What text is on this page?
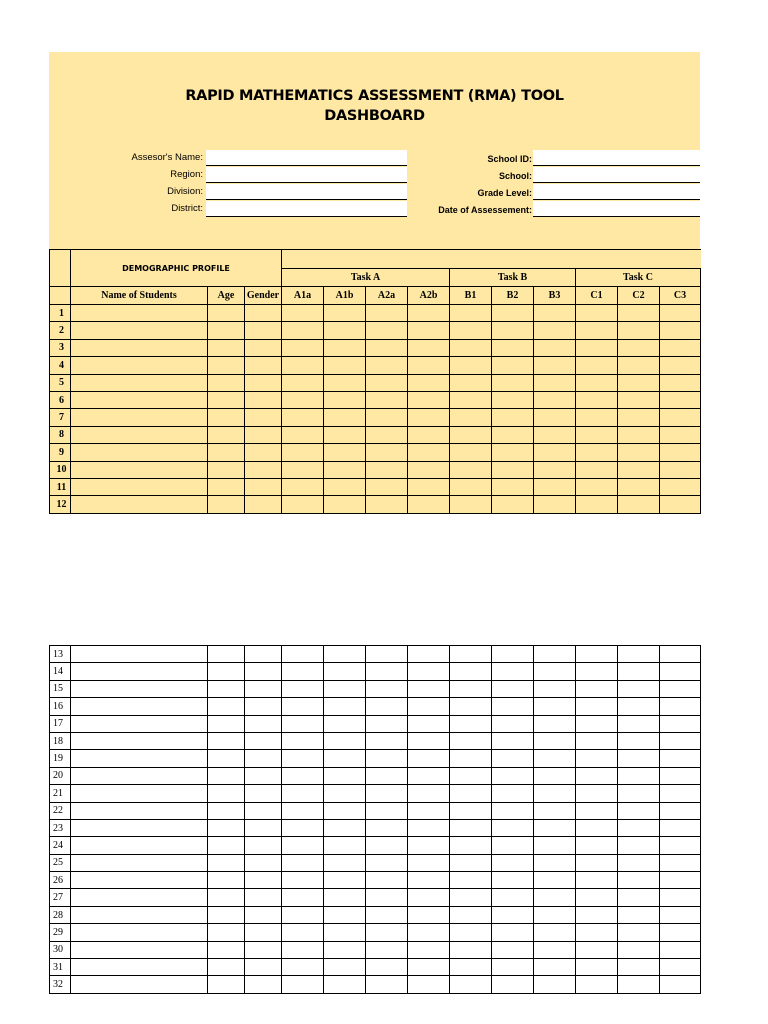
RAPID MATHEMATICS ASSESSMENT (RMA) TOOL
DASHBOARD
Assesor's Name:
Region:
Division:
District:
School ID:
School:
Grade Level:
Date of Assessement:
	DEMOGRAPHIC PROFILE												
				Task A				Task B			Task C		
	Name of Students	Age	Gender	A1a	A1b	A2a	A2b	B1	B2	B3	C1	C2	C3
1													
2													
3													
4													
5													
6													
7													
8													
9													
10													
11													
12													
13													
14													
15													
16													
17													
18													
19													
20													
21													
22													
23													
24													
25													
26													
27													
28													
29													
30													
31													
32													
